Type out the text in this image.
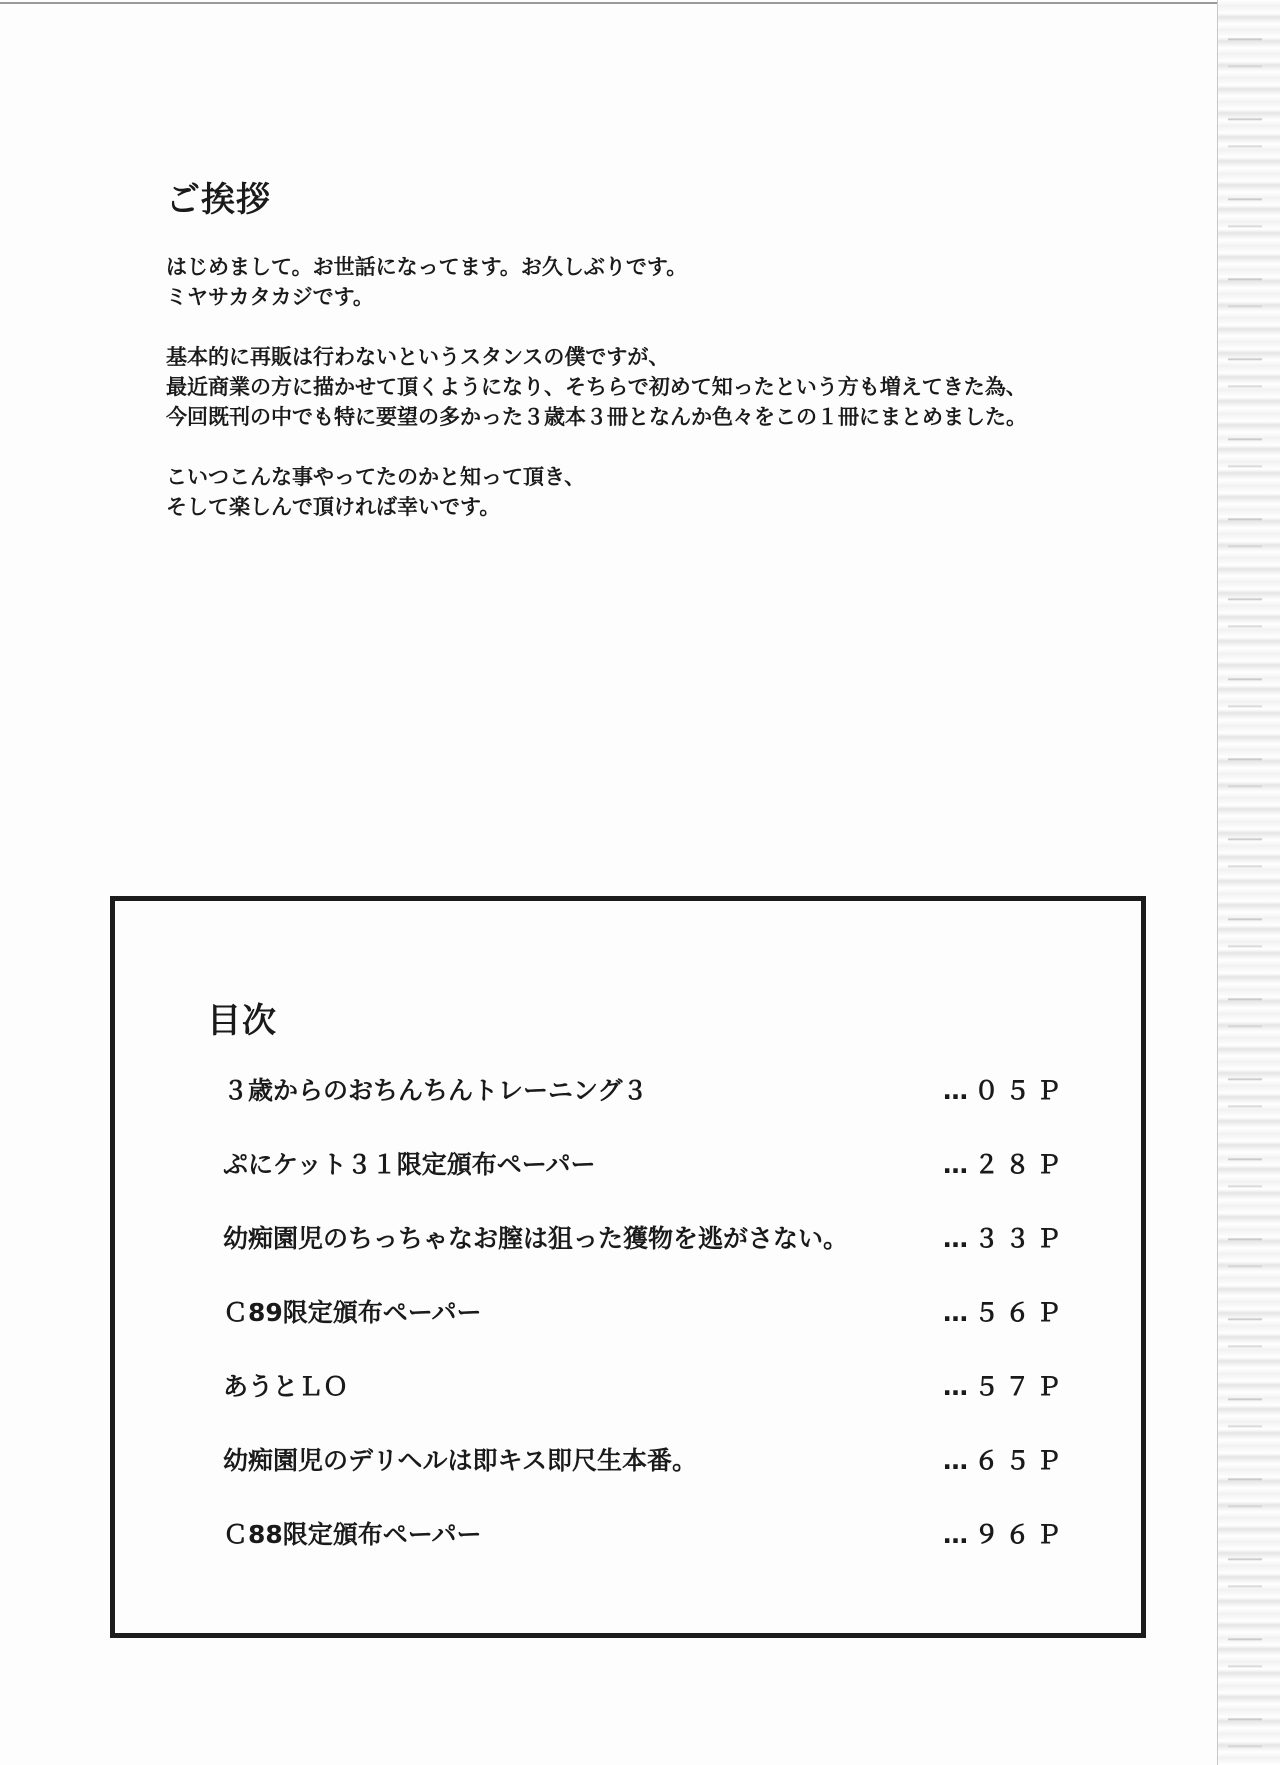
ご挨拶

はじめまして。お世話になってます。お久しぶりです。
ミヤサカタカジです。

基本的に再販は行わないというスタンスの僕ですが、
最近商業の方に描かせて頂くようになり、そちらで初めて知ったという方も増えてきた為、
今回既刊の中でも特に要望の多かった３歳本３冊となんか色々をこの１冊にまとめました。

こいつこんな事やってたのかと知って頂き、
そして楽しんで頂ければ幸いです。

目次
３歳からのおちんちんトレーニング３	…０５Ｐ
ぷにケット３１限定頒布ペーパー	…２８Ｐ
幼痴園児のちっちゃなお膣は狙った獲物を逃がさない。	…３３Ｐ
Ｃ89限定頒布ペーパー	…５６Ｐ
あうとＬＯ	…５７Ｐ
幼痴園児のデリヘルは即キス即尺生本番。	…６５Ｐ
Ｃ88限定頒布ペーパー	…９６Ｐ
